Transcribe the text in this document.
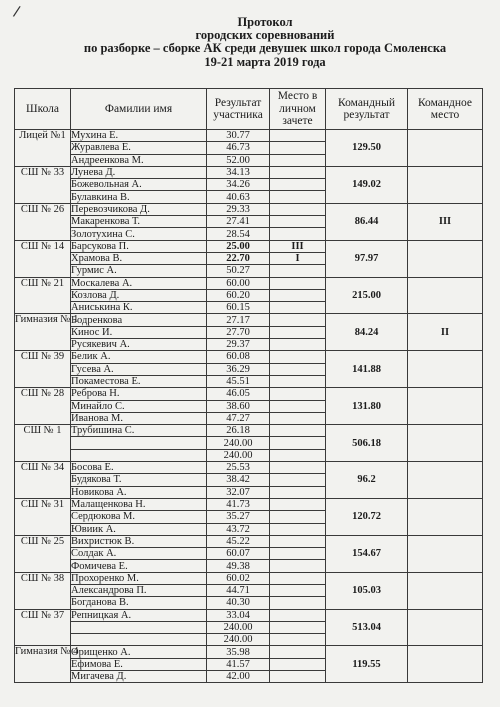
/
Протокол
городских соревнований
по разборке – сборке АК среди девушек школ города Смоленска
19-21 марта 2019 года
Школа	Фамилии имя	Результат участника	Место в личном зачете	Командный результат	Командное место
Лицей №1	Мухина Е.	30.77		129.50	
	Журавлева Е.	46.73			
	Андреенкова М.	52.00			
СШ № 33	Лунева Д.	34.13		149.02	
	Божевольная А.	34.26			
	Булавкина В.	40.63			
СШ № 26	Перевозчикова Д.	29.33		86.44	III
	Макаренкова Т.	27.41			
	Золотухина С.	28.54			
СШ № 14	Барсукова П.	25.00	III	97.97	
	Храмова В.	22.70	I		
	Гурмис А.	50.27			
СШ № 21	Москалева А.	60.00		215.00	
	Козлова Д.	60.20			
	Аниськина К.	60.15			
Гимназия № 1	Бодренкова	27.17		84.24	II
	Кинос И.	27.70			
	Русякевич А.	29.37			
СШ № 39	Белик А.	60.08		141.88	
	Гусева А.	36.29			
	Покаместова Е.	45.51			
СШ № 28	Реброва Н.	46.05		131.80	
	Минайло С.	38.60			
	Иванова М.	47.27			
СШ № 1	Трубишина С.	26.18		506.18	
		240.00			
		240.00			
СШ № 34	Босова Е.	25.53		96.2	
	Будякова Т.	38.42			
	Новикова А.	32.07			
СШ № 31	Малащенкова Н.	41.73		120.72	
	Сердюкова М.	35.27			
	Ювиик А.	43.72			
СШ № 25	Вихристюк В.	45.22		154.67	
	Солдак А.	60.07			
	Фомичева Е.	49.38			
СШ № 38	Прохоренко М.	60.02		105.03	
	Александрова П.	44.71			
	Богданова В.	40.30			
СШ № 37	Репницкая А.	33.04		513.04	
		240.00			
		240.00			
Гимназия № 4	Орищенко А.	35.98		119.55	
	Ефимова Е.	41.57			
	Мигачева Д.	42.00			
